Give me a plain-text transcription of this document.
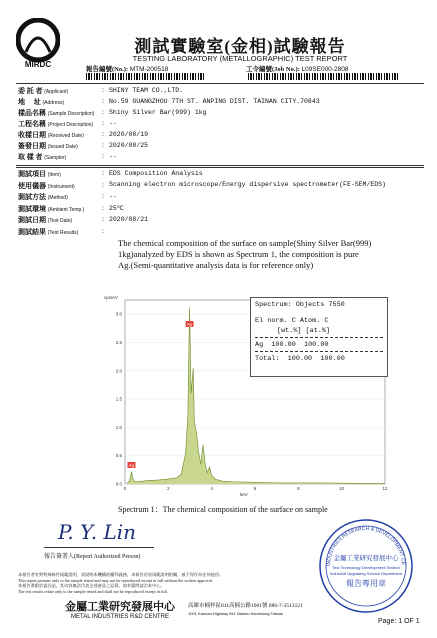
MIRDC
測試實驗室(金相)試驗報告
TESTING LABORATORY (METALLOGRAPHIC) TEST REPORT
報告編號(No.): MTM-200518	工令編號(Job No.): L09SE000-2808
委 託 者 (Applicant)	: SHINY TEAM CO.,LTD.
地　 址 (Address)	: No.59 GUANGZHOU 7TH ST. ANPING DIST. TAINAN CITY.70843
樣品名稱 (Sample Description) : Shiny Silver Bar(999) 1kg
工程名稱 (Project Description) : --
收樣日期 (Received Date)	: 2020/08/19
簽發日期 (Issued Date)	: 2020/08/25
取 樣 者 (Sampler)	: --
測試項目 (Item)	: EDS Composition Analysis
使用儀器 (Instrument)	: Scanning electron microscope/Energy dispersive spectrometer(FE-SEM/EDS)
測試方法 (Method)	: --
測試環境 (Ambient Temp.)	: 25℃
測試日期 (Test Date)	: 2020/08/21
測試結果 (Test Results)	:
The chemical composition of the surface on sample(Shiny Silver Bar(999)
1kg)analyzed by EDS is shown as Spectrum 1, the composition is pure
Ag.(Semi-quantitative analysis data is for reference only)
0.0
0.5
1.0
1.5
2.0
2.5
3.0
0	2	4	6	8	10	12
Ag
Ag
cps/eV
keV
Spectrum: Objects 7550
El norm. C Atom. C
[wt.%] [at.%]
Ag 100.00 100.00
Total: 100.00 100.00
Spectrum 1：The chemical composition of the surface on sample
P. Y. Lin
報告簽署人(Report Authorized Person)
INDUSTRIES RESEARCH & DEVELOPMENT CE
金屬工業研究發展中心
Test Technology Development Section
Industrial Upgrading Service Department
報告專用章
本報告者有對特殊條件規範說明，須說明本機構的權利義務，本報告若依規範說明相關，被不得作為任何他用。
This report pertains only to the sample tested and may not be reproduced except in full without the written approval.
本報告書限於委託品，其內容無法代表全部產品之品質。如有疑問請洽本中心。
The test results relate only to the sample tested and shall not be reproduced except in full.
金屬工業研究發展中心
METAL INDUSTRIES R&D CENTRE
高雄市楠梓區811高楠公路1001號 886-7-3513121
1001 Kaonan Highway 811 Nantzu Kaohsiung Taiwan
Page: 1 OF 1
